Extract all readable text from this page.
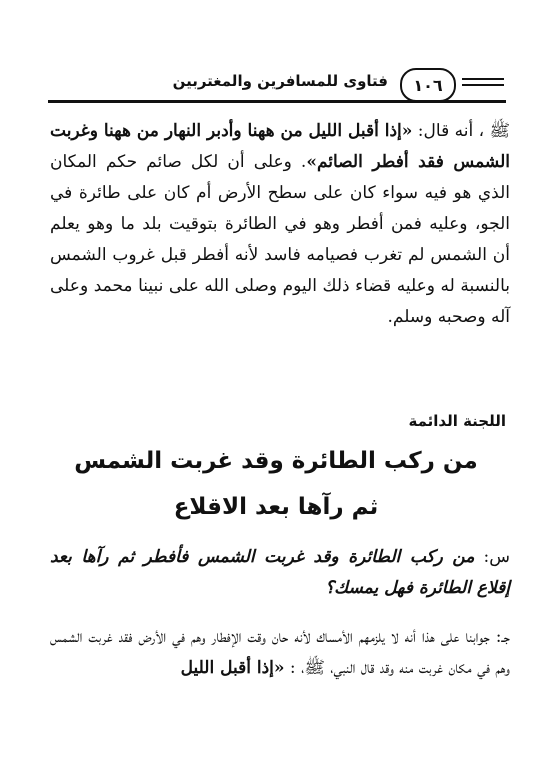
١٠٦
فتاوى للمسافرين والمغتربين
ﷺ ، أنه قال: «إذا أقبل الليل من ههنا وأدبر النهار من ههنا وغربت الشمس فقد أفطر الصائم». وعلى أن لكل صائم حكم المكان الذي هو فيه سواء كان على سطح الأرض أم كان على طائرة في الجو، وعليه فمن أفطر وهو في الطائرة بتوقيت بلد ما وهو يعلم أن الشمس لم تغرب فصيامه فاسد لأنه أفطر قبل غروب الشمس بالنسبة له وعليه قضاء ذلك اليوم وصلى الله على نبينا محمد وعلى آله وصحبه وسلم.
اللجنة الدائمة
من ركب الطائرة وقد غربت الشمس
ثم رآها بعد الاقلاع
س: من ركب الطائرة وقد غربت الشمس فأفطر ثم رآها بعد إقلاع الطائرة فهل يمسك؟
جـ: جوابنا على هذا أنه لا يلزمهم الأمساك لأنه حان وقت الإفطار وهم في الأرض فقد غربت الشمس وهم في مكان غربت منه وقد قال النبي، ﷺ، : «إذا أقبل الليل
